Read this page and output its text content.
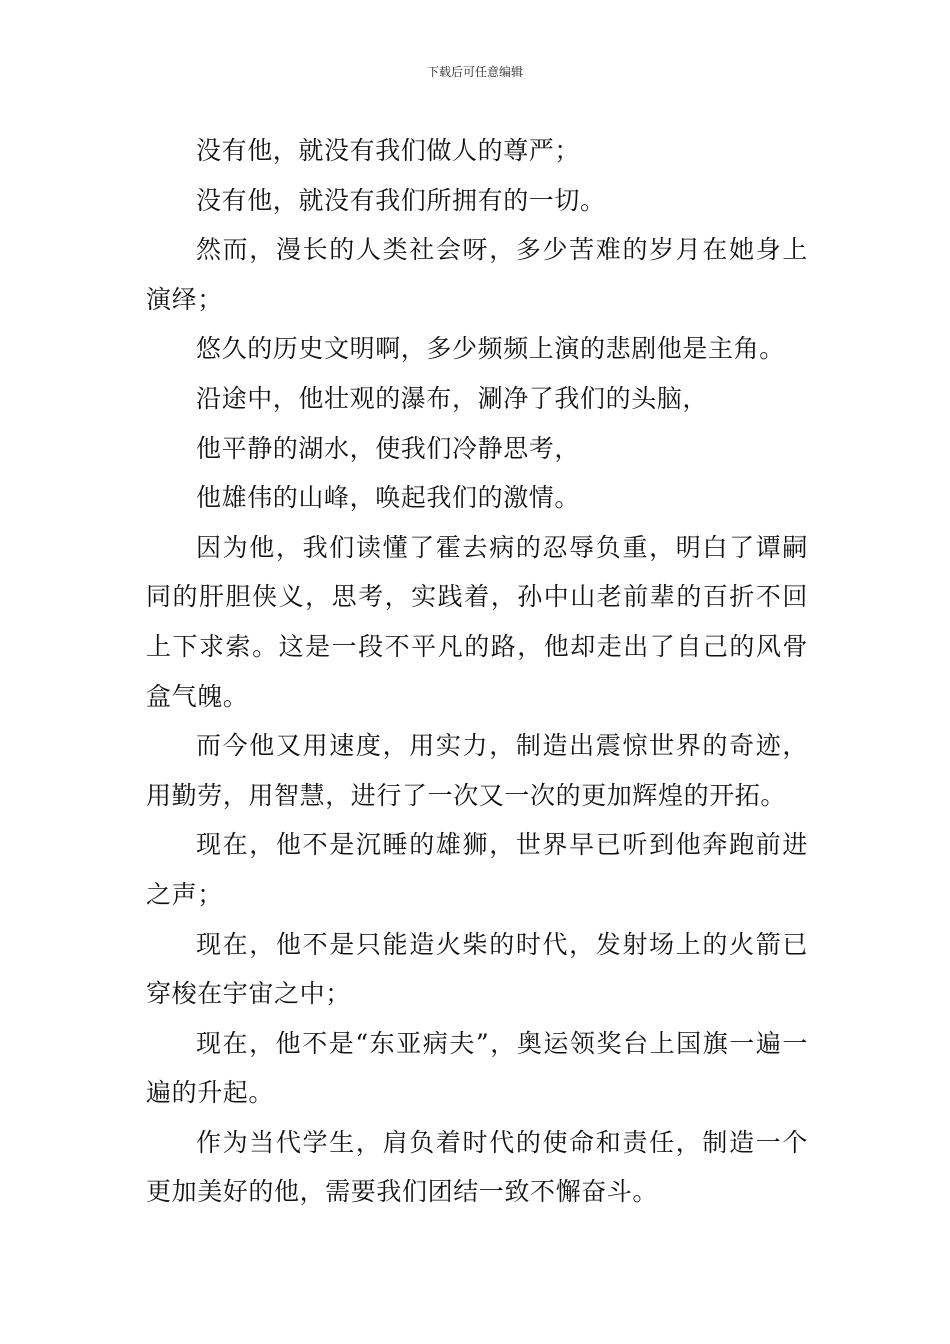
下载后可任意编辑

没有他，就没有我们做人的尊严；

没有他，就没有我们所拥有的一切。

然而，漫长的人类社会呀，多少苦难的岁月在她身上演绎；

悠久的历史文明啊，多少频频上演的悲剧他是主角。

沿途中，他壮观的瀑布，涮净了我们的头脑，

他平静的湖水，使我们冷静思考，

他雄伟的山峰，唤起我们的激情。

因为他，我们读懂了霍去病的忍辱负重，明白了谭嗣同的肝胆侠义，思考，实践着，孙中山老前辈的百折不回上下求索。这是一段不平凡的路，他却走出了自己的风骨盒气魄。

而今他又用速度，用实力，制造出震惊世界的奇迹，用勤劳，用智慧，进行了一次又一次的更加辉煌的开拓。

现在，他不是沉睡的雄狮，世界早已听到他奔跑前进之声；

现在，他不是只能造火柴的时代，发射场上的火箭已穿梭在宇宙之中；

现在，他不是“东亚病夫”，奥运领奖台上国旗一遍一遍的升起。

作为当代学生，肩负着时代的使命和责任，制造一个更加美好的他，需要我们团结一致不懈奋斗。
